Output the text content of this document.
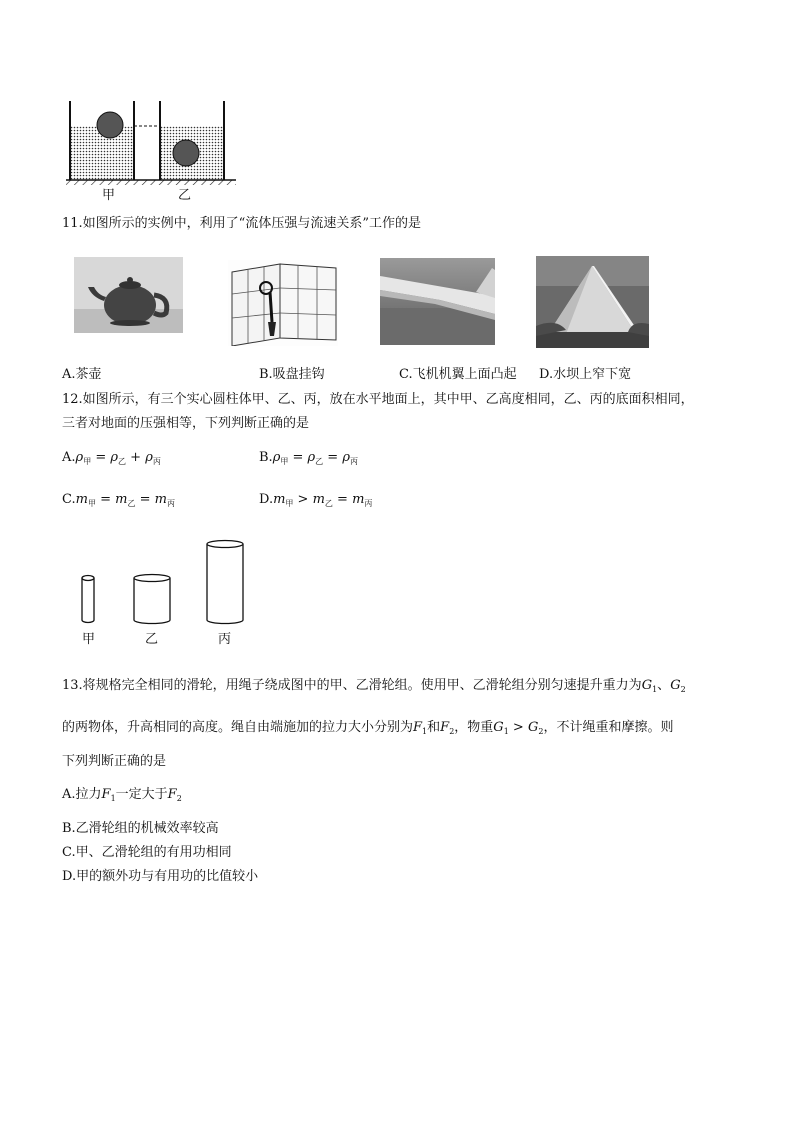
甲	乙
11.如图所示的实例中，利用了“流体压强与流速关系”工作的是
A.茶壶	B.吸盘挂钩	C.飞机机翼上面凸起 D.水坝上窄下宽
12.如图所示，有三个实心圆柱体甲、乙、丙，放在水平地面上，其中甲、乙高度相同，乙、丙的底面积相同，
三者对地面的压强相等，下列判断正确的是
$A.\rho_甲 = \rho_乙 + \rho_丙$	$B.\rho_甲 = \rho_乙 = \rho_丙$
$C.m_甲 = m_乙 = m_丙$	$D.m_甲 > m_乙 = m_丙$
甲	乙	丙
13.将规格完全相同的滑轮，用绳子绕成图中的甲、乙滑轮组。使用甲、乙滑轮组分别匀速提升重力为$G_1$、$G_2$
的两物体，升高相同的高度。绳自由端施加的拉力大小分别为$F_1$和$F_2$，物重$G_1 > G_2$，不计绳重和摩擦。则
下列判断正确的是
A.拉力$F_1$一定大于$F_2$
B.乙滑轮组的机械效率较高
C.甲、乙滑轮组的有用功相同
D.甲的额外功与有用功的比值较小
